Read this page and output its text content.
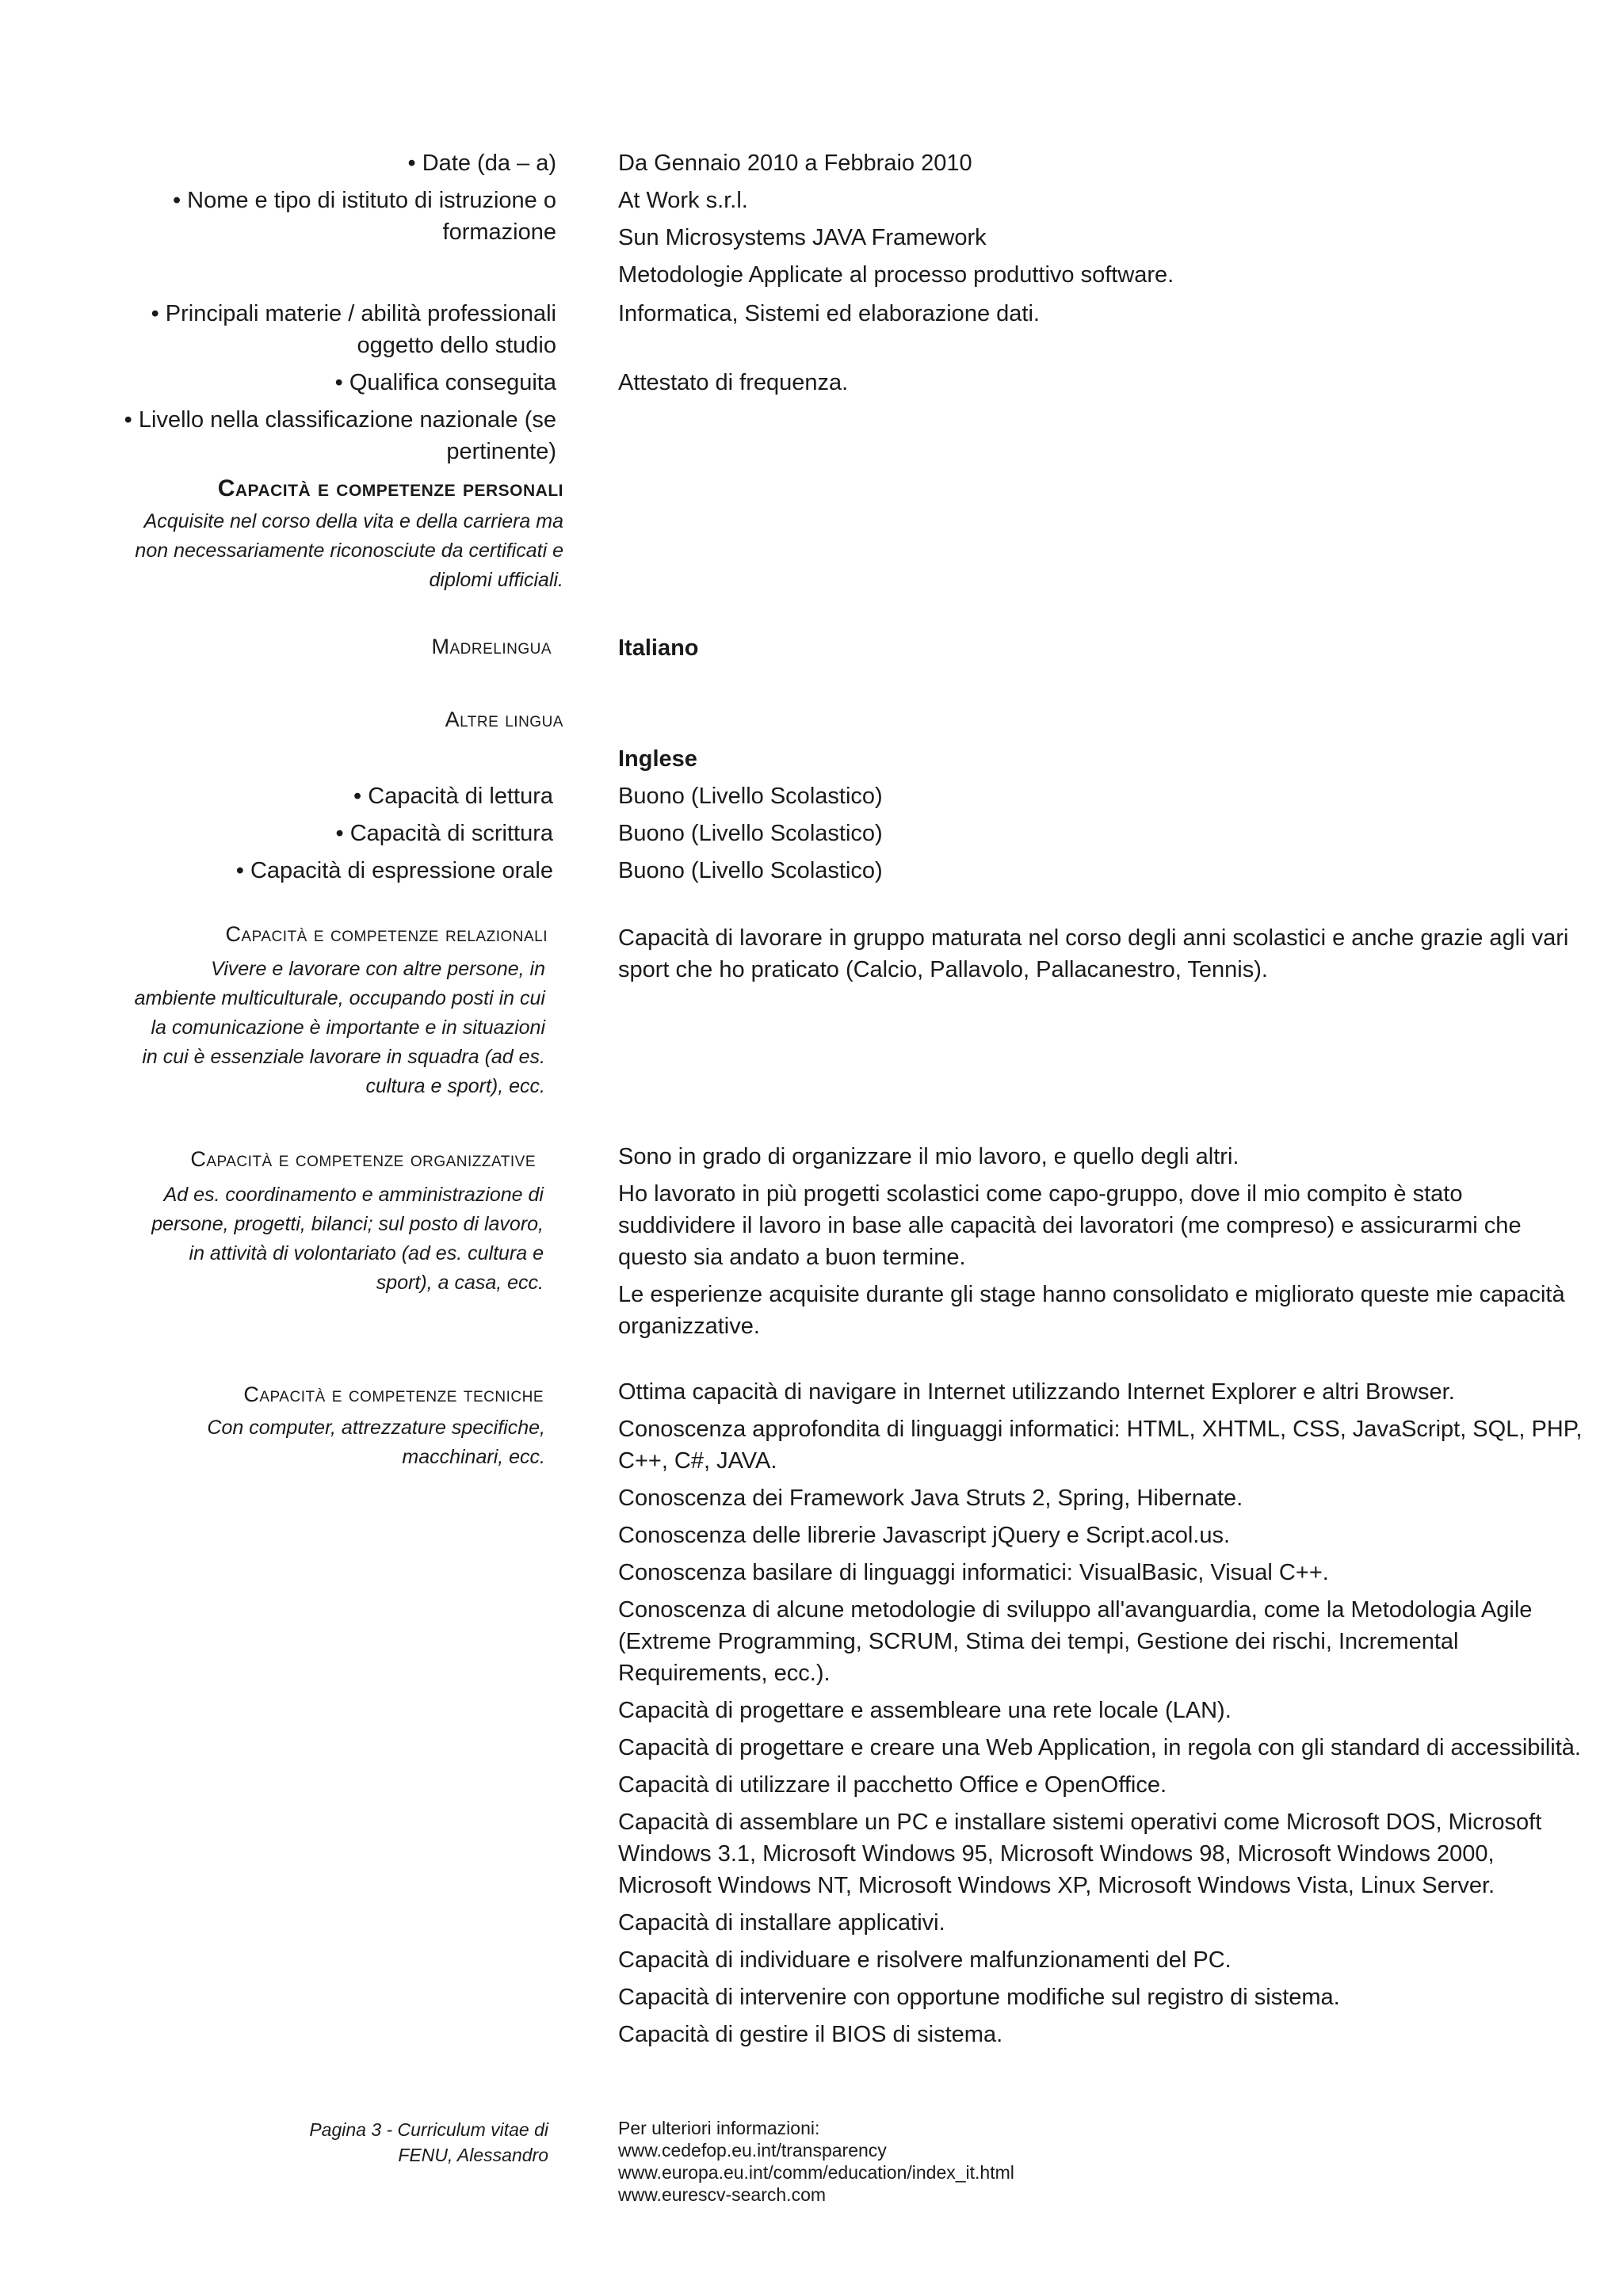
• Date (da – a)
• Nome e tipo di istituto di istruzione o
formazione
• Principali materie / abilità professionali
oggetto dello studio
• Qualifica conseguita
• Livello nella classificazione nazionale (se
pertinente)
Da Gennaio 2010 a Febbraio 2010
At Work s.r.l.
Sun Microsystems JAVA Framework
Metodologie Applicate al processo produttivo software.
Informatica, Sistemi ed elaborazione dati.
Attestato di frequenza.
Capacità e competenze personali
Acquisite nel corso della vita e della carriera ma
non necessariamente riconosciute da certificati e
diplomi ufficiali.
Madrelingua	Italiano
Altre lingua
Inglese
• Capacità di lettura
• Capacità di scrittura
• Capacità di espressione orale
Buono (Livello Scolastico)
Buono (Livello Scolastico)
Buono (Livello Scolastico)
Capacità e competenze relazionali
Vivere e lavorare con altre persone, in
ambiente multiculturale, occupando posti in cui
la comunicazione è importante e in situazioni
in cui è essenziale lavorare in squadra (ad es.
cultura e sport), ecc.
Capacità di lavorare in gruppo maturata nel corso degli anni scolastici e anche grazie agli vari sport che ho praticato (Calcio, Pallavolo, Pallacanestro, Tennis).
Capacità e competenze organizzative
Ad es. coordinamento e amministrazione di
persone, progetti, bilanci; sul posto di lavoro,
in attività di volontariato (ad es. cultura e
sport), a casa, ecc.

Sono in grado di organizzare il mio lavoro, e quello degli altri.

Ho lavorato in più progetti scolastici come capo-gruppo, dove il mio compito è stato suddividere il lavoro in base alle capacità dei lavoratori (me compreso) e assicurarmi che questo sia andato a buon termine.

Le esperienze acquisite durante gli stage hanno consolidato e migliorato queste mie capacità organizzative.

Capacità e competenze tecniche
Con computer, attrezzature specifiche,
macchinari, ecc.

Ottima capacità di navigare in Internet utilizzando Internet Explorer e altri Browser.

Conoscenza approfondita di linguaggi informatici: HTML, XHTML, CSS, JavaScript, SQL, PHP, C++, C#, JAVA.

Conoscenza dei Framework Java Struts 2, Spring, Hibernate.

Conoscenza delle librerie Javascript jQuery e Script.acol.us.

Conoscenza basilare di linguaggi informatici: VisualBasic, Visual C++.

Conoscenza di alcune metodologie di sviluppo all'avanguardia, come la Metodologia Agile (Extreme Programming, SCRUM, Stima dei tempi, Gestione dei rischi, Incremental Requirements, ecc.).

Capacità di progettare e assembleare una rete locale (LAN).

Capacità di progettare e creare una Web Application, in regola con gli standard di accessibilità.

Capacità di utilizzare il pacchetto Office e OpenOffice.

Capacità di assemblare un PC e installare sistemi operativi come Microsoft DOS, Microsoft Windows 3.1, Microsoft Windows 95, Microsoft Windows 98, Microsoft Windows 2000, Microsoft Windows NT, Microsoft Windows XP, Microsoft Windows Vista, Linux Server.

Capacità di installare applicativi.

Capacità di individuare e risolvere malfunzionamenti del PC.

Capacità di intervenire con opportune modifiche sul registro di sistema.

Capacità di gestire il BIOS di sistema.

Pagina 3 - Curriculum vitae di
FENU, Alessandro
Per ulteriori informazioni:
www.cedefop.eu.int/transparency
www.europa.eu.int/comm/education/index_it.html
www.eurescv-search.com
